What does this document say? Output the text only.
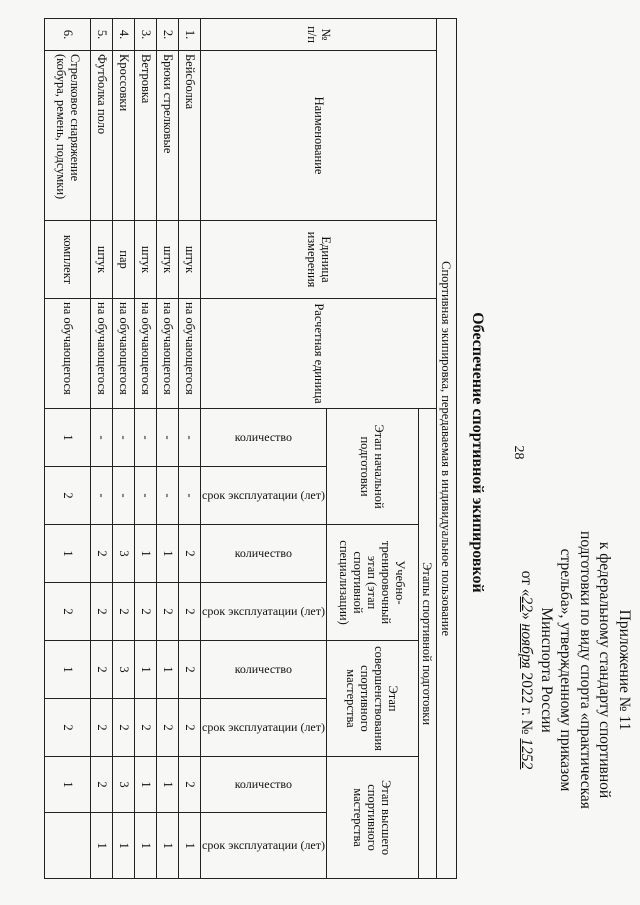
28
Приложение № 11
к федеральному стандарту спортивной
подготовки по виду спорта «практическая
стрельба», утвержденному приказом
Минспорта России
от «22» ноября 2022 г. № 1252
Обеспечение спортивной экипировкой
Спортивная экипировка, передаваемая в индивидуальное пользование											
№ п/п	Наименование	Единица измерения	Расчетная единица	Этапы спортивной подготовки							
				Этап начальной подготовки		Учебно-тренировочный этап (этап спортивной специализации)		Этап совершенствования спортивного мастерства		Этап высшего спортивного мастерства	

				количество	срок эксплуатации (лет)	количество	срок эксплуатации (лет)	количество	срок эксплуатации (лет)	количество	срок эксплуатации (лет)

1.	Бейсболка	штук	на обучающегося	-	-	2	2	2	2	2	1
2.	Брюки стрелковые	штук	на обучающегося	-	-	1	2	1	2	1	1
3.	Ветровка	штук	на обучающегося	-	-	1	2	1	2	1	1
4.	Кроссовки	пар	на обучающегося	-	-	3	2	3	2	3	1
5.	Футболка поло	штук	на обучающегося	-	-	2	2	2	2	2	1
6.	Стрелковое снаряжение (кобура, ремень, подсумки)	комплект	на обучающегося	1	2	1	2	1	2	1	
